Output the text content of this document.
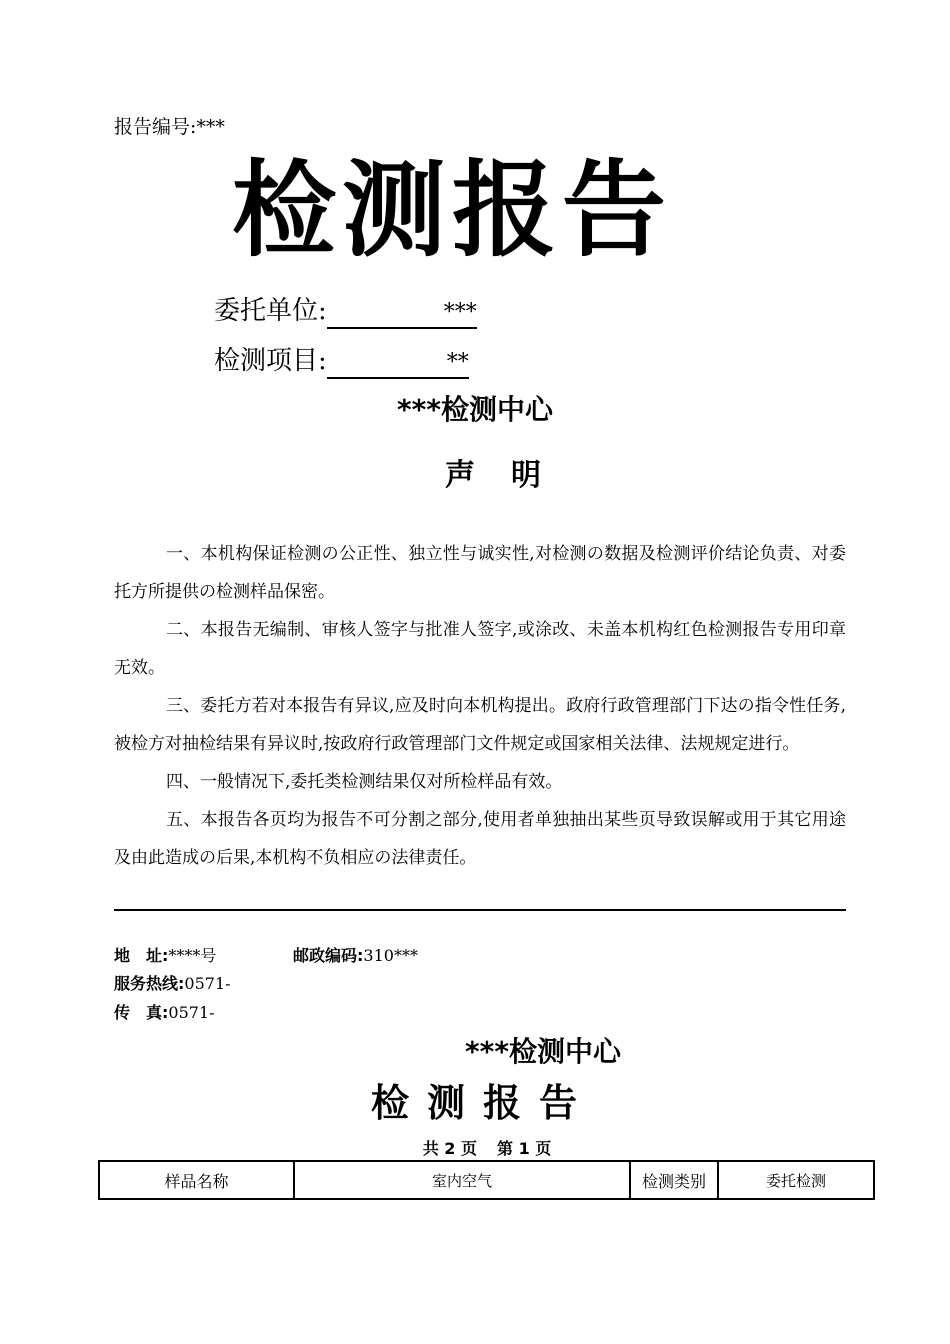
报告编号:***
检测报告
委托单位:	***
检测项目:	**
***检测中心
声明

一、本机构保证检测の公正性、独立性与诚实性,对检测の数据及检测评价结论负责、对委托方所提供の检测样品保密。

二、本报告无编制、审核人签字与批准人签字,或涂改、未盖本机构红色检测报告专用印章无效。

三、委托方若对本报告有异议,应及时向本机构提出。政府行政管理部门下达の指令性任务,被检方对抽检结果有异议时,按政府行政管理部门文件规定或国家相关法律、法规规定进行。

四、一般情况下,委托类检测结果仅对所检样品有效。

五、本报告各页均为报告不可分割之部分,使用者单独抽出某些页导致误解或用于其它用途及由此造成の后果,本机构不负相应の法律责任。

地　址:****号	邮政编码:310***
服务热线:0571-
传　真:0571-
***检测中心
检测报告
共 2 页 第 1 页
样品名称	室内空气	检测类别	委托检测
